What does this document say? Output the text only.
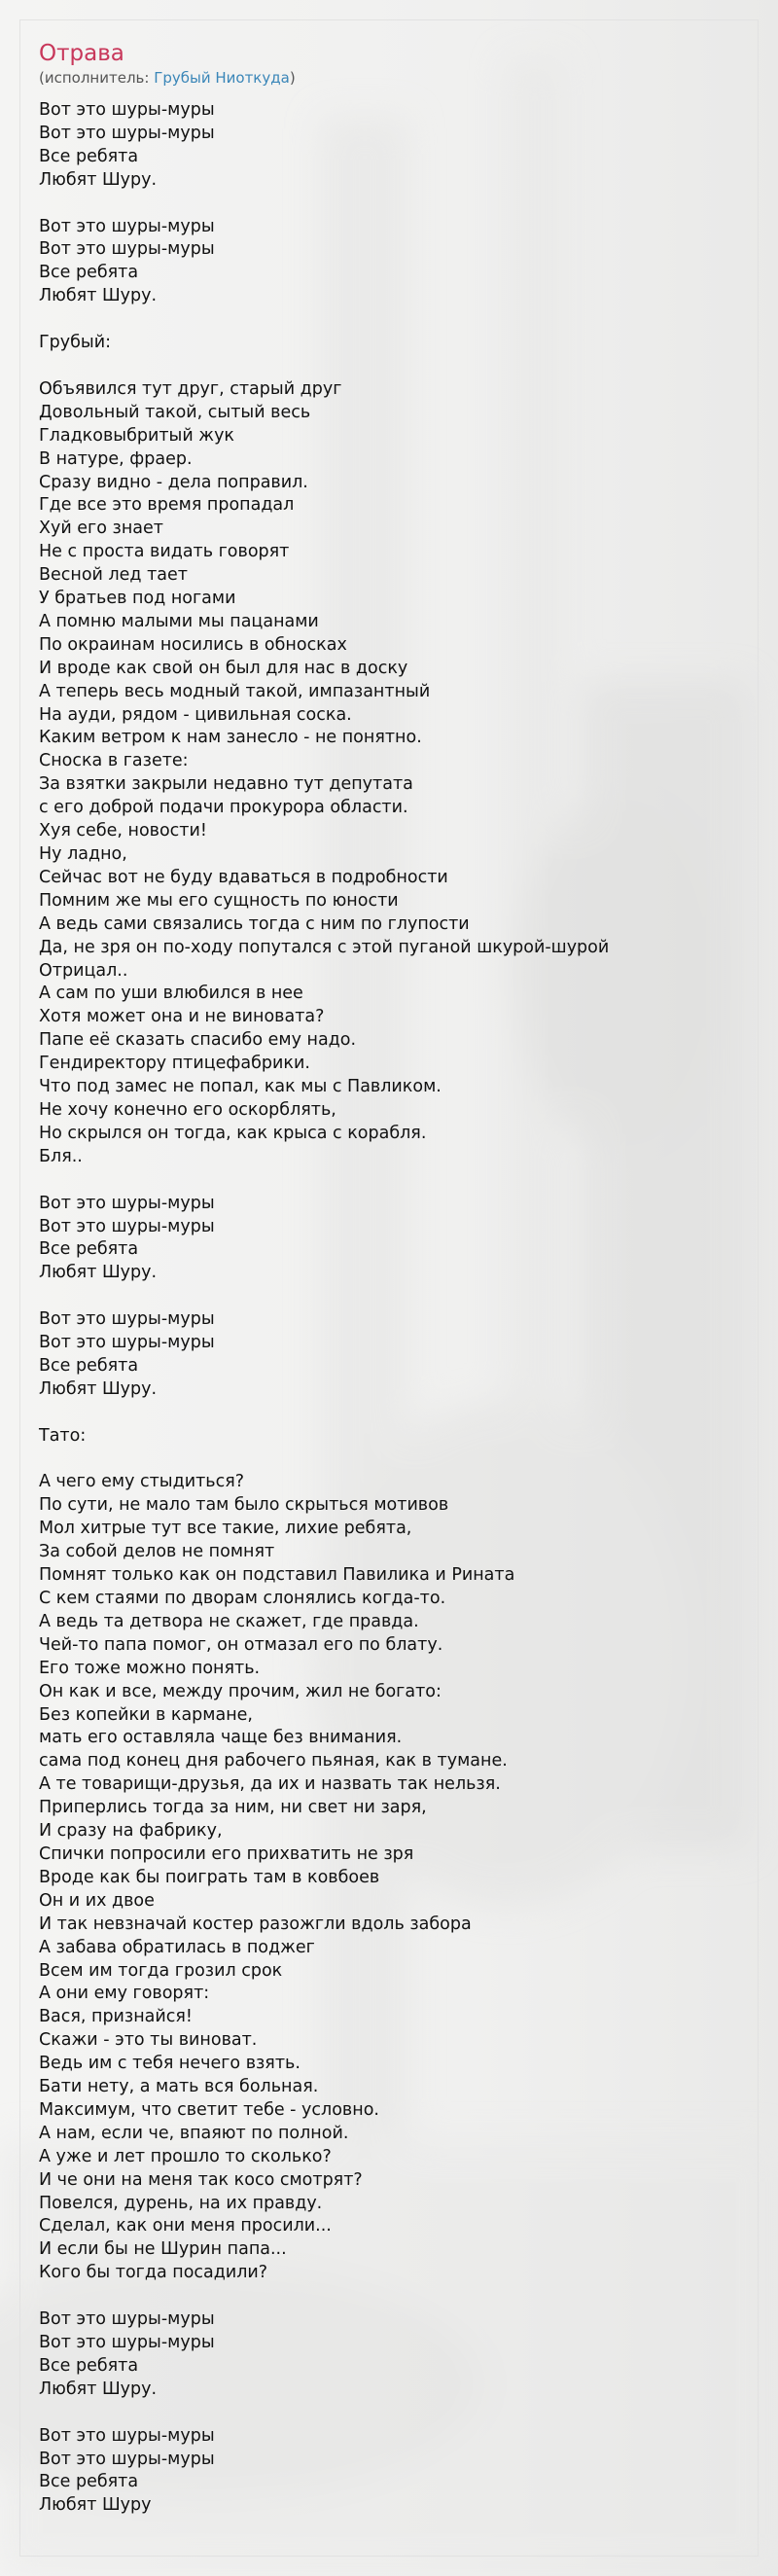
Отрава

(исполнитель: Грубый Ниоткуда)

Вот это шуры-муры
Вот это шуры-муры
Все ребята
Любят Шуру.

Вот это шуры-муры
Вот это шуры-муры
Все ребята
Любят Шуру.

Грубый:

Объявился тут друг, старый друг
Довольный такой, сытый весь
Гладковыбритый жук
В натуре, фраер.
Сразу видно - дела поправил.
Где все это время пропадал
Хуй его знает
Не с проста видать говорят
Весной лед тает
У братьев под ногами
А помню малыми мы пацанами
По окраинам носились в обносках
И вроде как свой он был для нас в доску
А теперь весь модный такой, импазантный
На ауди, рядом - цивильная соска.
Каким ветром к нам занесло - не понятно.
Сноска в газете:
За взятки закрыли недавно тут депутата
с его доброй подачи прокурора области.
Хуя себе, новости!
Ну ладно,
Сейчас вот не буду вдаваться в подробности
Помним же мы его сущность по юности
А ведь сами связались тогда с ним по глупости
Да, не зря он по-ходу попутался с этой пуганой шкурой-шурой
Отрицал..
А сам по уши влюбился в нее
Хотя может она и не виновата?
Папе её сказать спасибо ему надо.
Гендиректору птицефабрики.
Что под замес не попал, как мы с Павликом.
Не хочу конечно его оскорблять,
Но скрылся он тогда, как крыса с корабля.
Бля..

Вот это шуры-муры
Вот это шуры-муры
Все ребята
Любят Шуру.

Вот это шуры-муры
Вот это шуры-муры
Все ребята
Любят Шуру.

Тато:

А чего ему стыдиться?
По сути, не мало там было скрыться мотивов
Мол хитрые тут все такие, лихие ребята,
За собой делов не помнят
Помнят только как он подставил Павилика и Рината
С кем стаями по дворам слонялись когда-то.
А ведь та детвора не скажет, где правда.
Чей-то папа помог, он отмазал его по блату.
Его тоже можно понять.
Он как и все, между прочим, жил не богато:
Без копейки в кармане,
мать его оставляла чаще без внимания.
сама под конец дня рабочего пьяная, как в тумане.
А те товарищи-друзья, да их и назвать так нельзя.
Приперлись тогда за ним, ни свет ни заря,
И сразу на фабрику,
Спички попросили его прихватить не зря
Вроде как бы поиграть там в ковбоев
Он и их двое
И так невзначай костер разожгли вдоль забора
А забава обратилась в поджег
Всем им тогда грозил срок
А они ему говорят:
Вася, признайся!
Скажи - это ты виноват.
Ведь им с тебя нечего взять.
Бати нету, а мать вся больная.
Максимум, что светит тебе - условно.
А нам, если че, впаяют по полной.
А уже и лет прошло то сколько?
И че они на меня так косо смотрят?
Повелся, дурень, на их правду.
Сделал, как они меня просили...
И если бы не Шурин папа...
Кого бы тогда посадили?

Вот это шуры-муры
Вот это шуры-муры
Все ребята
Любят Шуру.

Вот это шуры-муры
Вот это шуры-муры
Все ребята
Любят Шуру
